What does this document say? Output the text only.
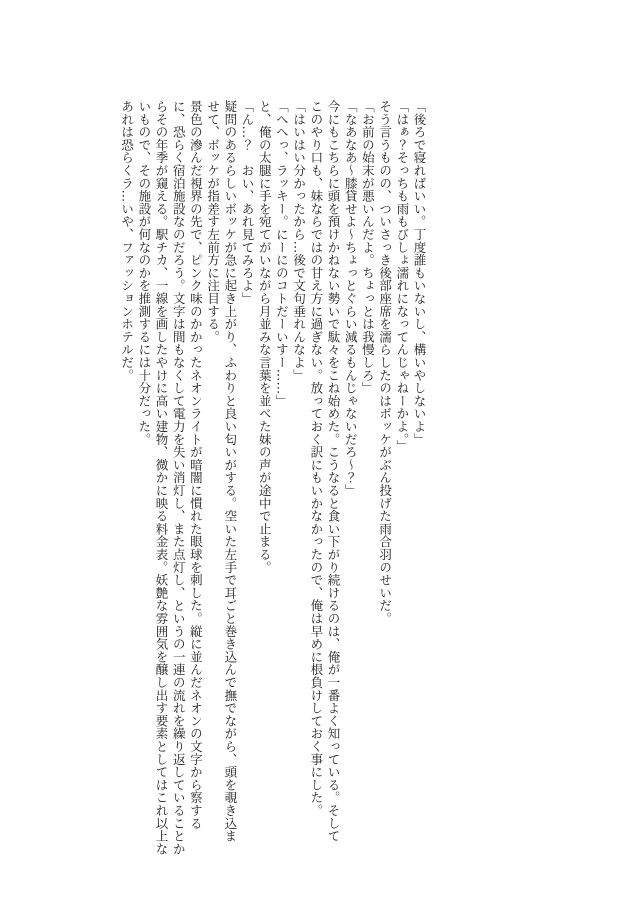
「後ろで寝ればいい。丁度誰もいないし、構いやしないよ」
「はぁ？そっちも雨もびしょ濡れになってんじゃねーかよ。」
そう言うものの、ついさっき後部座席を濡らしたのはボッケがぶん投げた雨合羽のせいだ。
「お前の始末が悪いんだよ。ちょっとは我慢しろ」
「なあなあ～膝貸せよ～ちょっとぐらい減るもんじゃないだろ～？」
今にもこちらに頭を預けかねない勢いで駄々をこね始めた。こうなると食い下がり続けるのは、俺が一番よく知っている。そして
このやり口も、妹ならではの甘え方に過ぎない。放っておく訳にもいかなかったので、俺は早めに根負けしておく事にした。
「はいはい分かったから…後で文句垂れんなよ」
「へへっ、ラッキー。にーにのコトだーいすー……」
と、俺の太腿に手を宛てがいながら月並みな言葉を並べた妹の声が途中で止まる。
「ん…？　おい、あれ見てみろよ」
疑問のあるらしいボッケが急に起き上がり、ふわりと良い匂いがする。空いた左手で耳ごと巻き込んで撫でながら、頭を覗き込ま
せて、ボッケが指差す左前方に注目する。
景色の滲んだ視界の先で、ピンク味のかかったネオンライトが暗闇に慣れた眼球を刺した。縦に並んだネオンの文字から察する
に、恐らく宿泊施設なのだろう。文字は間もなくして電力を失い消灯し、また点灯し、というの一連の流れを繰り返していることか
らその年季が窺える。駅チカ、一線を画したやけに高い建物、微かに映る料金表。妖艶な雰囲気を醸し出す要素としてはこれ以上な
いもので、その施設が何なのかを推測するには十分だった。
あれは恐らくラ…いや、ファッションホテルだ。
